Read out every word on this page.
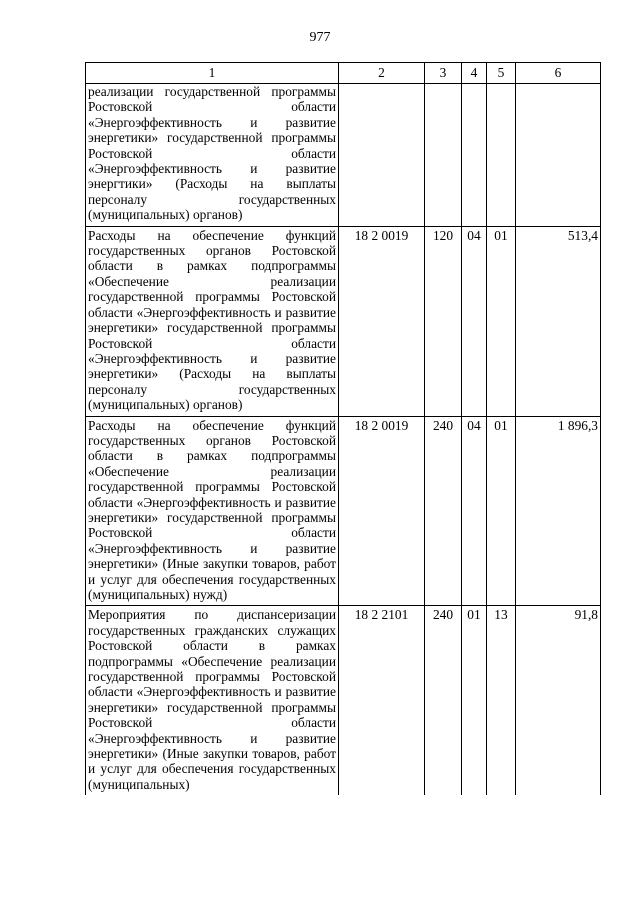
977
1	2	3	4	5	6
реализации государственной программы Ростовской области «Энергоэффективность и развитие энергетики» государственной программы Ростовской области «Энергоэффективность и развитие энергтики» (Расходы на выплаты персоналу государственных (муниципальных) органов)					
Расходы на обеспечение функций государственных органов Ростовской области в рамках подпрограммы «Обеспечение реализации государственной программы Ростовской области «Энергоэффективность и развитие энергетики» государственной программы Ростовской области «Энергоэффективность и развитие энергетики» (Расходы на выплаты персоналу государственных (муниципальных) органов)	18 2 0019	120	04	01	513,4
Расходы на обеспечение функций государственных органов Ростовской области в рамках подпрограммы «Обеспечение реализации государственной программы Ростовской области «Энергоэффективность и развитие энергетики» государственной программы Ростовской области «Энергоэффективность и развитие энергетики» (Иные закупки товаров, работ и услуг для обеспечения государственных (муниципальных) нужд)	18 2 0019	240	04	01	1 896,3
Мероприятия по диспансеризации государственных гражданских служащих Ростовской области в рамках подпрограммы «Обеспечение реализации государственной программы Ростовской области «Энергоэффективность и развитие энергетики» государственной программы Ростовской области «Энергоэффективность и развитие энергетики» (Иные закупки товаров, работ и услуг для обеспечения государственных (муниципальных)	18 2 2101	240	01	13	91,8
